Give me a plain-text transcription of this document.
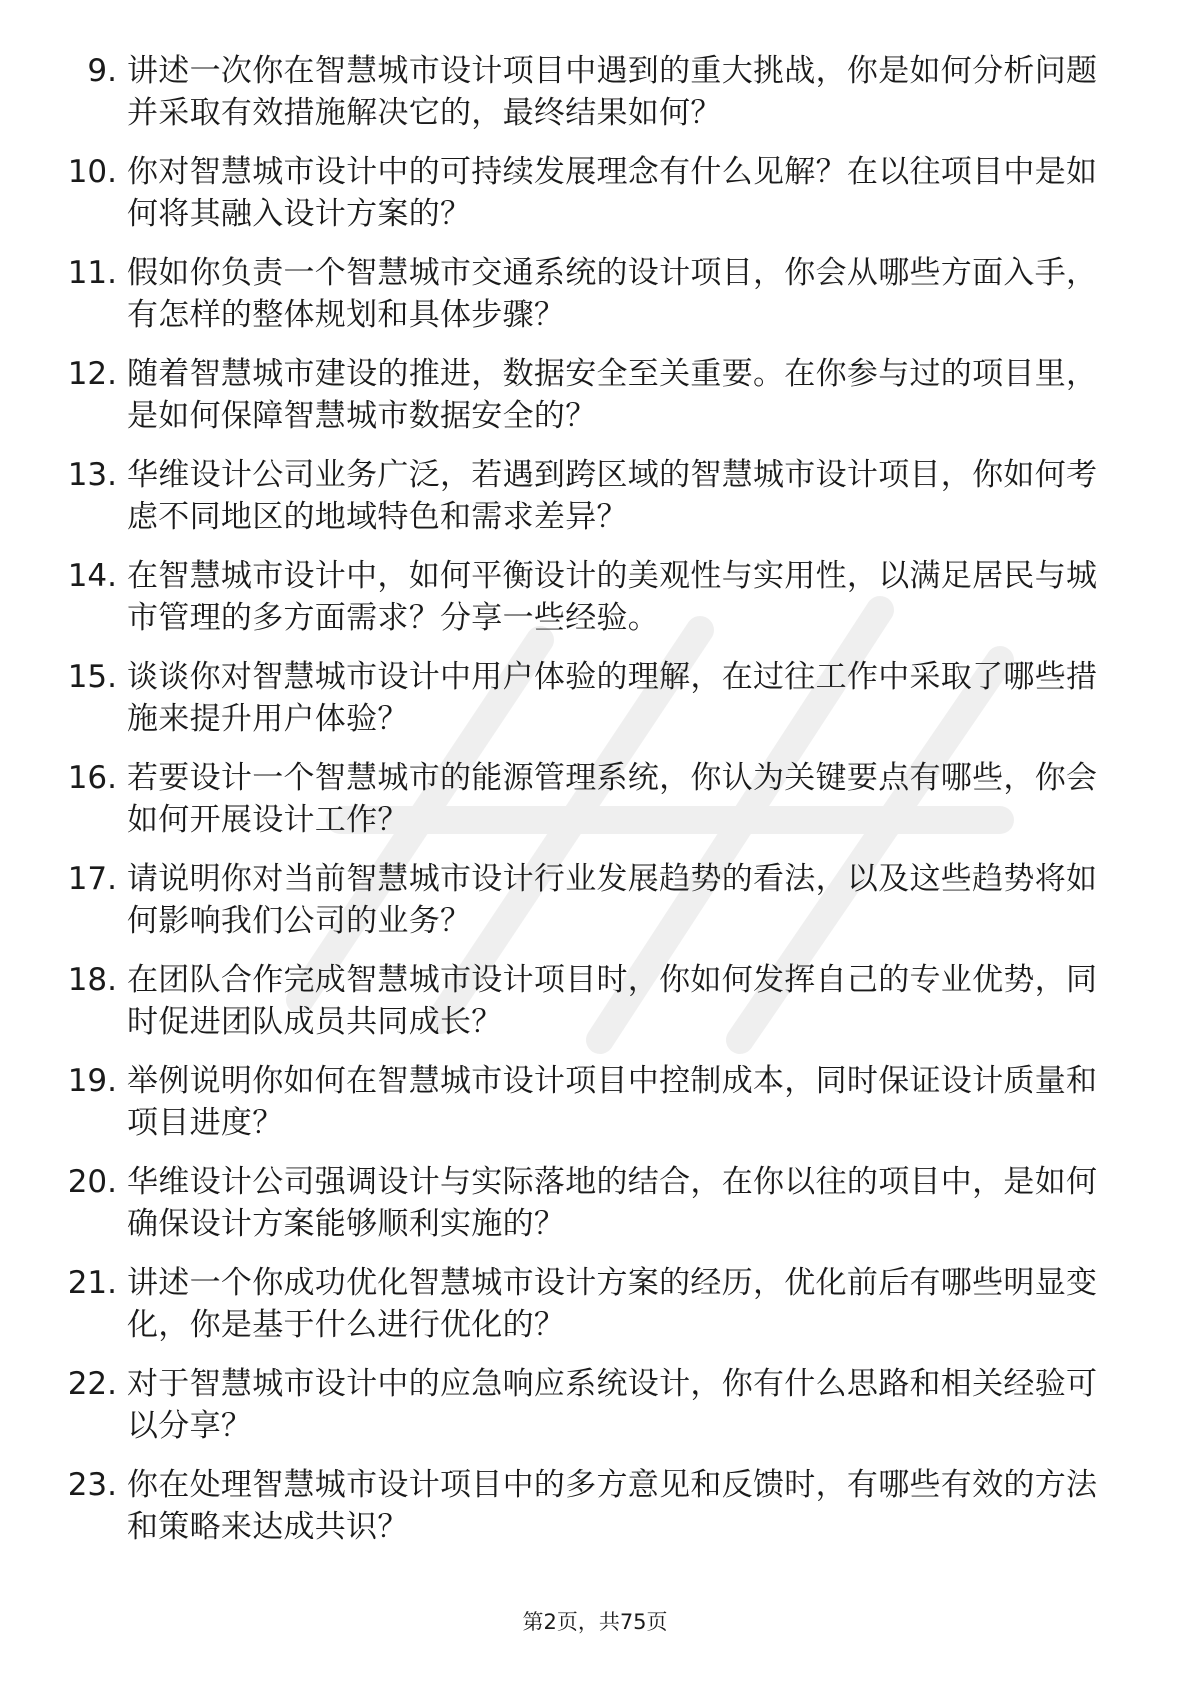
9. 讲述一次你在智慧城市设计项目中遇到的重大挑战，你是如何分析问题并采取有效措施解决它的，最终结果如何？
10. 你对智慧城市设计中的可持续发展理念有什么见解？在以往项目中是如何将其融入设计方案的？
11. 假如你负责一个智慧城市交通系统的设计项目，你会从哪些方面入手，有怎样的整体规划和具体步骤？
12. 随着智慧城市建设的推进，数据安全至关重要。在你参与过的项目里，是如何保障智慧城市数据安全的？
13. 华维设计公司业务广泛，若遇到跨区域的智慧城市设计项目，你如何考虑不同地区的地域特色和需求差异？
14. 在智慧城市设计中，如何平衡设计的美观性与实用性，以满足居民与城市管理的多方面需求？分享一些经验。
15. 谈谈你对智慧城市设计中用户体验的理解，在过往工作中采取了哪些措施来提升用户体验？
16. 若要设计一个智慧城市的能源管理系统，你认为关键要点有哪些，你会如何开展设计工作？
17. 请说明你对当前智慧城市设计行业发展趋势的看法，以及这些趋势将如何影响我们公司的业务？
18. 在团队合作完成智慧城市设计项目时，你如何发挥自己的专业优势，同时促进团队成员共同成长？
19. 举例说明你如何在智慧城市设计项目中控制成本，同时保证设计质量和项目进度？
20. 华维设计公司强调设计与实际落地的结合，在你以往的项目中，是如何确保设计方案能够顺利实施的？
21. 讲述一个你成功优化智慧城市设计方案的经历，优化前后有哪些明显变化，你是基于什么进行优化的？
22. 对于智慧城市设计中的应急响应系统设计，你有什么思路和相关经验可以分享？
23. 你在处理智慧城市设计项目中的多方意见和反馈时，有哪些有效的方法和策略来达成共识？
第2页，共75页
